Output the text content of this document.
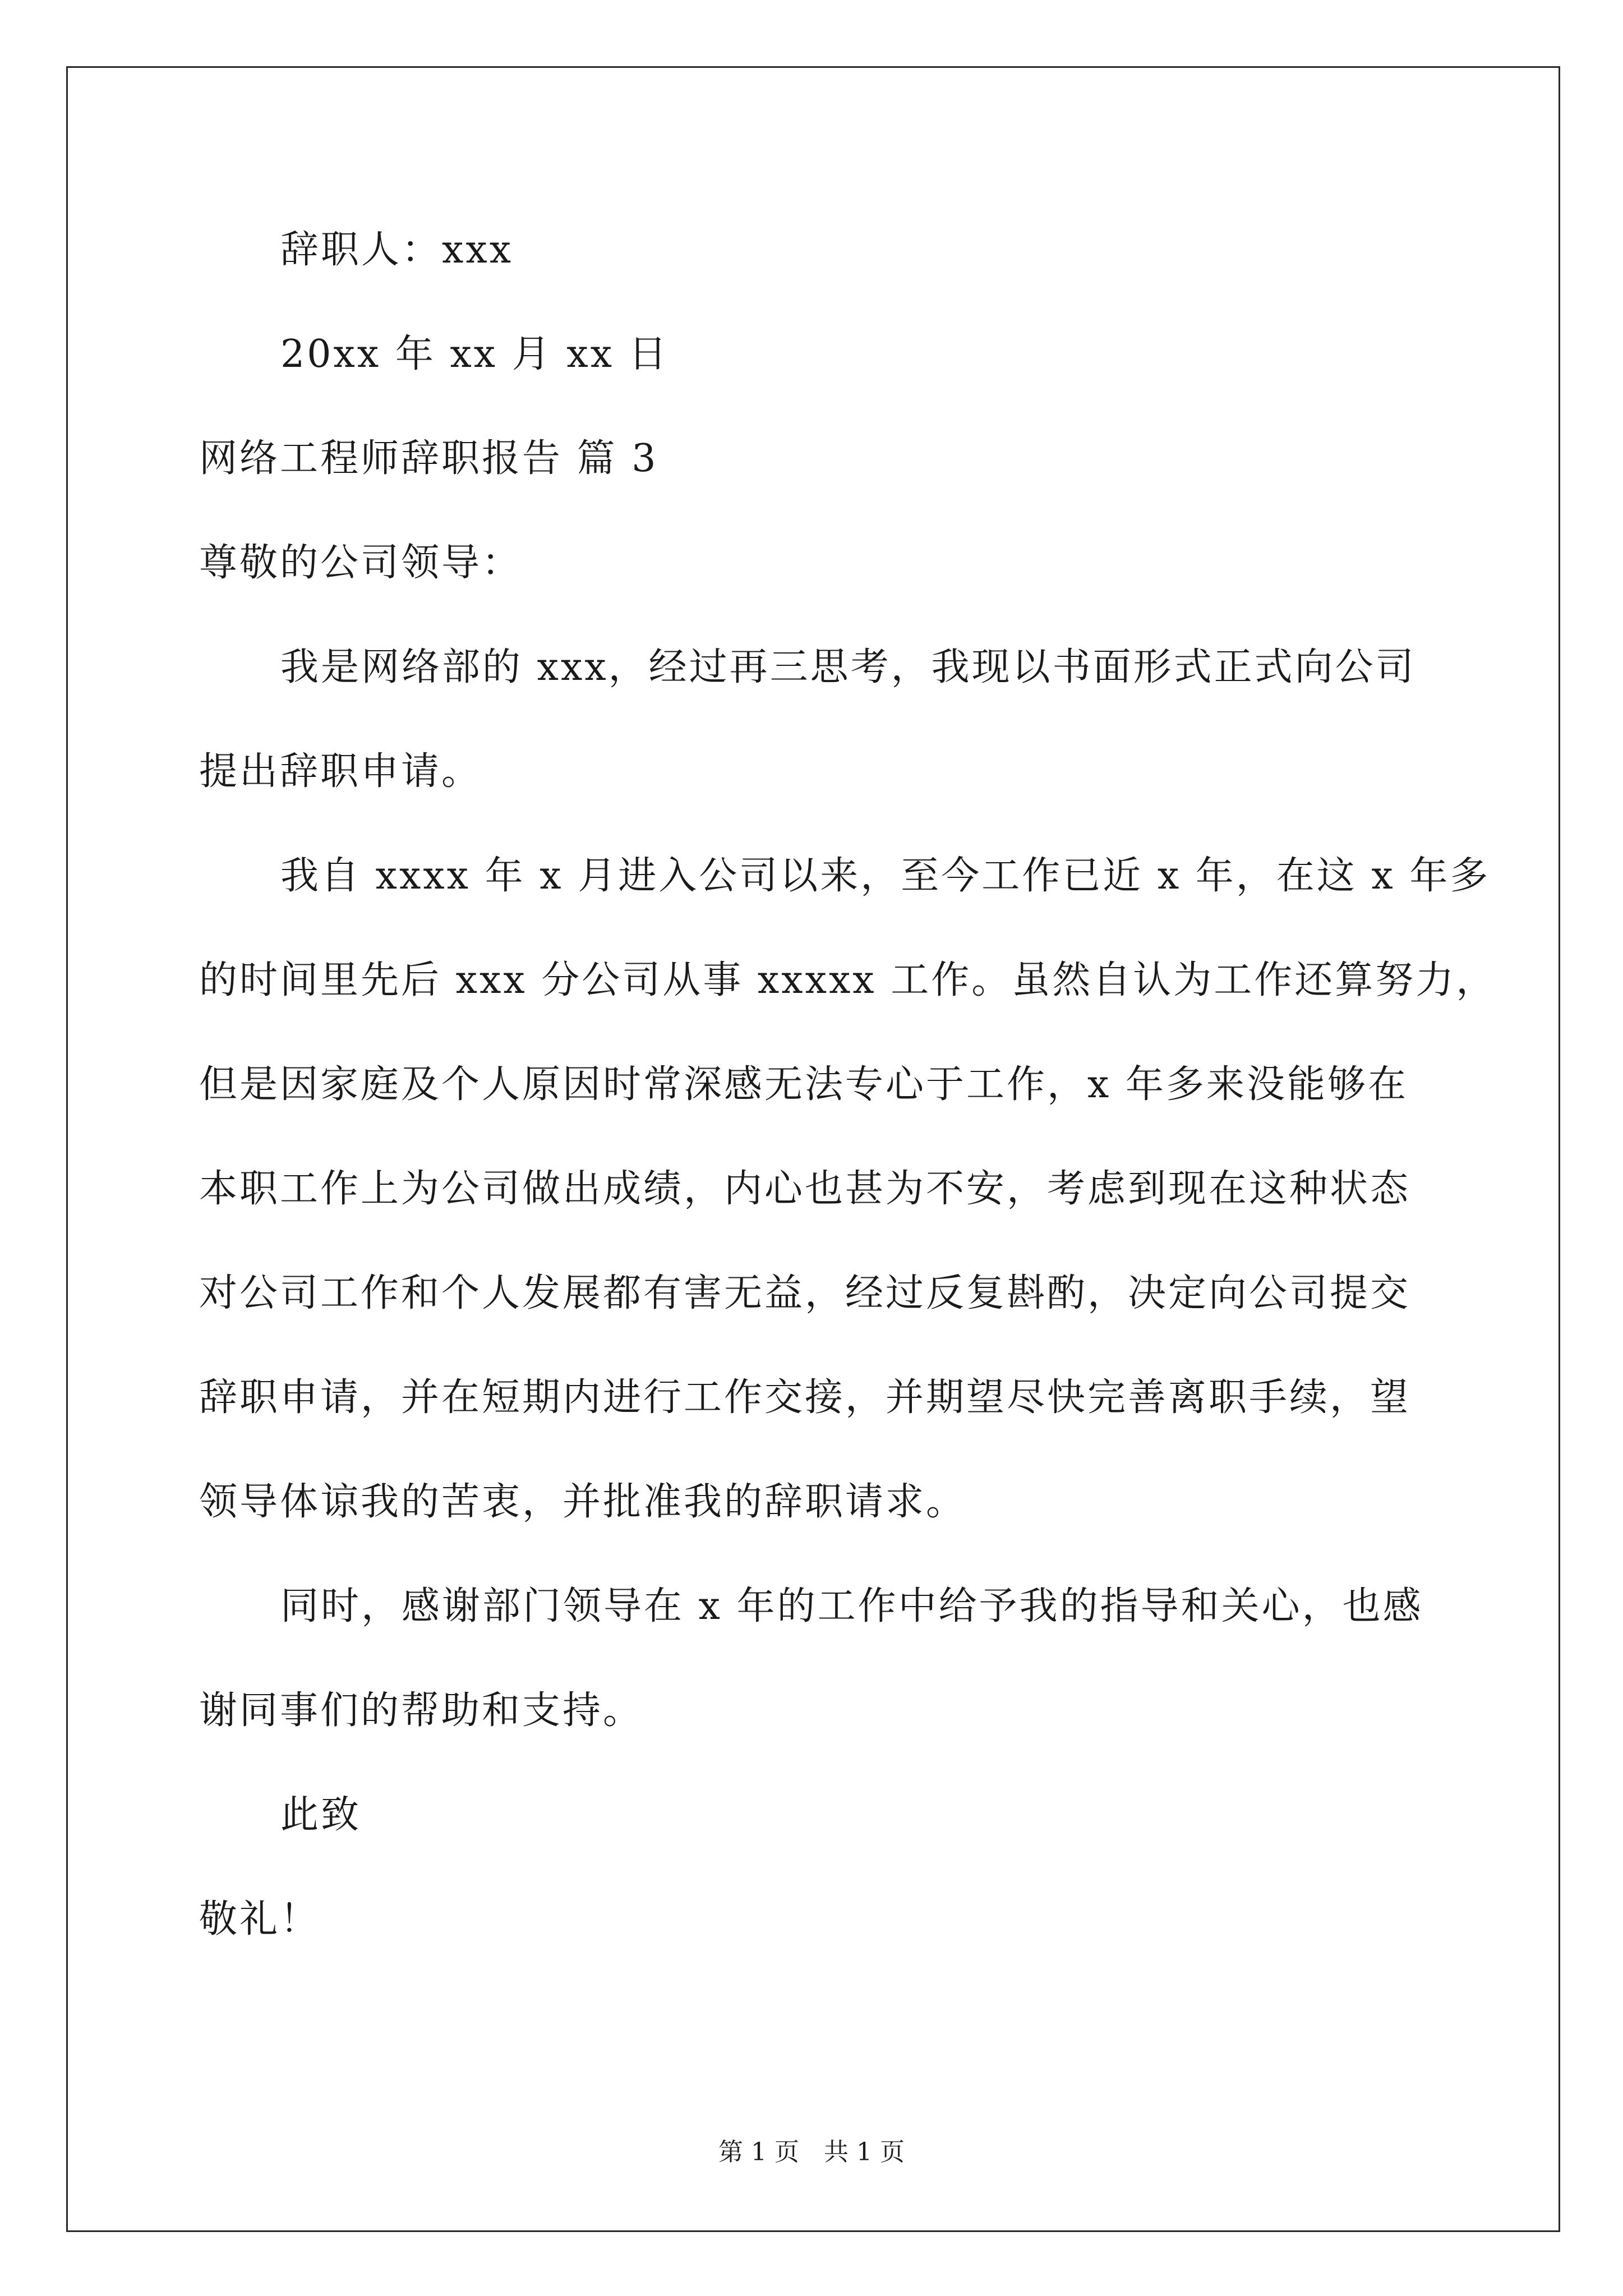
辞职人：xxx
20xx 年 xx 月 xx 日
网络工程师辞职报告 篇 3
尊敬的公司领导：
我是网络部的 xxx，经过再三思考，我现以书面形式正式向公司
提出辞职申请。
我自 xxxx 年 x 月进入公司以来，至今工作已近 x 年，在这 x 年多
的时间里先后 xxx 分公司从事 xxxxx 工作。虽然自认为工作还算努力，
但是因家庭及个人原因时常深感无法专心于工作，x 年多来没能够在
本职工作上为公司做出成绩，内心也甚为不安，考虑到现在这种状态
对公司工作和个人发展都有害无益，经过反复斟酌，决定向公司提交
辞职申请，并在短期内进行工作交接，并期望尽快完善离职手续，望
领导体谅我的苦衷，并批准我的辞职请求。
同时，感谢部门领导在 x 年的工作中给予我的指导和关心，也感
谢同事们的帮助和支持。
此致
敬礼！
第 1 页　共 1 页
